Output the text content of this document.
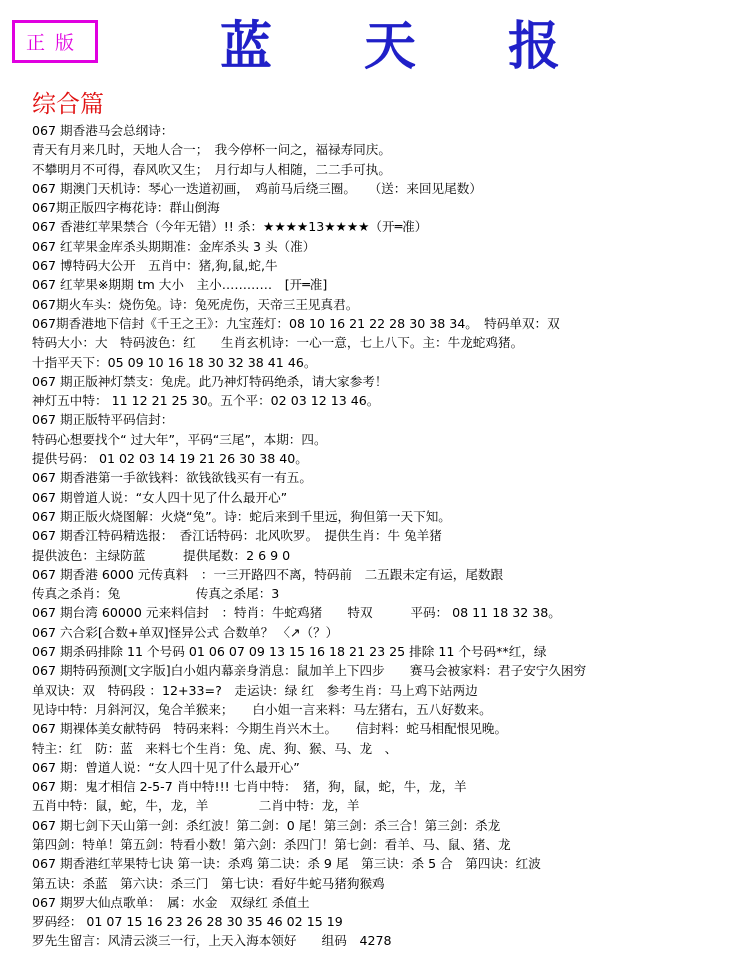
正版	蓝 天 报
综合篇
067 期香港马会总纲诗：
青天有月来几时，天地人合一；　我今停杯一问之，福禄寿同庆。
不攀明月不可得，春风吹又生；　月行却与人相随，二二手可执。
067 期澳门天机诗：琴心一迭道初画，　鸡前马后绕三圈。　　（送：来回见尾数）
067期正版四字梅花诗：群山倒海
067 香港红苹果禁合（今年无错）!! 杀：★★★★13★★★★（开═准）
067 红苹果金库杀头期期准：金库杀头 3 头（准）
067 博特码大公开　五肖中：猪,狗,鼠,蛇,牛
067 红苹果※期期 tm 大小　主小…………　[开═准]
067期火车头：烧伤兔。诗：兔死虎伤，天帝三王见真君。
067期香港地下信封《千王之王》：九宝莲灯：08 10 16 21 22 28 30 38 34。　特码单双：双
特码大小：大　特码波色：红　　生肖玄机诗：一心一意，七上八下。主：牛龙蛇鸡猪。
十指平天下：05 09 10 16 18 30 32 38 41 46。
067 期正版神灯禁支：兔虎。此乃神灯特码绝杀，请大家参考！
神灯五中特： 11 12 21 25 30。五个平：02 03 12 13 46。
067 期正版特平码信封：
特码心想要找个“ 过大年”，平码“三尾”，本期：四。
提供号码： 01 02 03 14 19 21 26 30 38 40。
067 期香港第一手欲钱料：欲钱欲钱买有一有五。
067 期曾道人说：“女人四十见了什么最开心”
067 期正版火烧图解：火烧“兔”。诗：蛇后来到千里远，狗但第一天下知。
067 期香江特码精选报：　香江话特码：北风吹罗。　提供生肖：牛 兔羊猪
提供波色：主绿防蓝　　　提供尾数：2 6 9 0
067 期香港 6000 元传真料　：一三开路四不离，特码前　二五跟未定有运，尾数跟
传真之杀肖：兔　　　　　　传真之杀尾：3
067 期台湾 60000 元来料信封　：特肖：牛蛇鸡猪　　特双　　　平码： 08 11 18 32 38。
067 六合彩[合数+单双]怪异公式 合数单？ 〈↗（？）
067 期杀码排除 11 个号码 01 06 07 09 13 15 16 18 21 23 25 排除 11 个号码**红，绿
067 期特码预测[文字版]白小姐内幕亲身消息：鼠加羊上下四步　　赛马会被家料：君子安宁久困穷
单双诀：双　特码段 ：12+33=?　走运诀：绿 红　参考生肖：马上鸡下站两边
见诗中特：月斜河汉，兔合羊猴来；　　白小姐一言来料：马左猪右，五八好数来。
067 期裸体美女献特码　特码来料：今期生肖兴木土。　　信封料：蛇马相配恨见晚。
特主：红　防：蓝　来料七个生肖：兔、虎、狗、猴、马、龙　、
067 期：曾道人说：“女人四十见了什么最开心”
067 期：鬼才相信 2-5-7 肖中特!!! 七肖中特：　猪，狗，鼠，蛇，牛，龙，羊
五肖中特：鼠，蛇，牛，龙，羊　　　　二肖中特：龙，羊
067 期七剑下天山第一剑：杀红波！第二剑：0 尾！第三剑：杀三合！第三剑：杀龙
第四剑：特单！第五剑：特看小数！第六剑：杀四门！第七剑：看羊、马、鼠、猪、龙
067 期香港红苹果特七诀 第一诀：杀鸡 第二诀：杀 9 尾　第三诀：杀 5 合　第四诀：红波
第五诀：杀蓝　第六诀：杀三门　第七诀：看好牛蛇马猪狗猴鸡
067 期罗大仙点歌单：　属：水金　双绿红 杀值土
罗码经： 01 07 15 16 23 26 28 30 35 46 02 15 19
罗先生留言：风清云淡三一行，上天入海本领好　　组码　4278
